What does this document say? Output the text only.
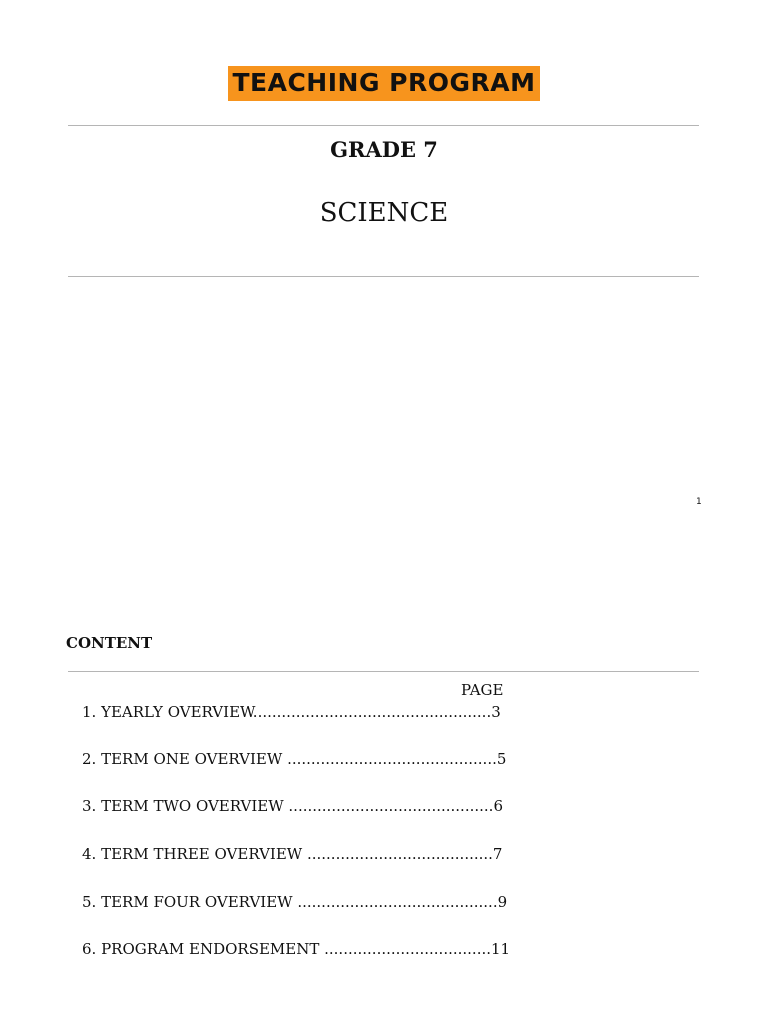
TEACHING PROGRAM
GRADE 7
SCIENCE
1
CONTENT
PAGE
1. YEARLY OVERVIEW..................................................3
2. TERM ONE OVERVIEW ............................................5
3. TERM TWO OVERVIEW ...........................................6
4. TERM THREE OVERVIEW .......................................7
5. TERM FOUR OVERVIEW ..........................................9
6. PROGRAM ENDORSEMENT ...................................11
